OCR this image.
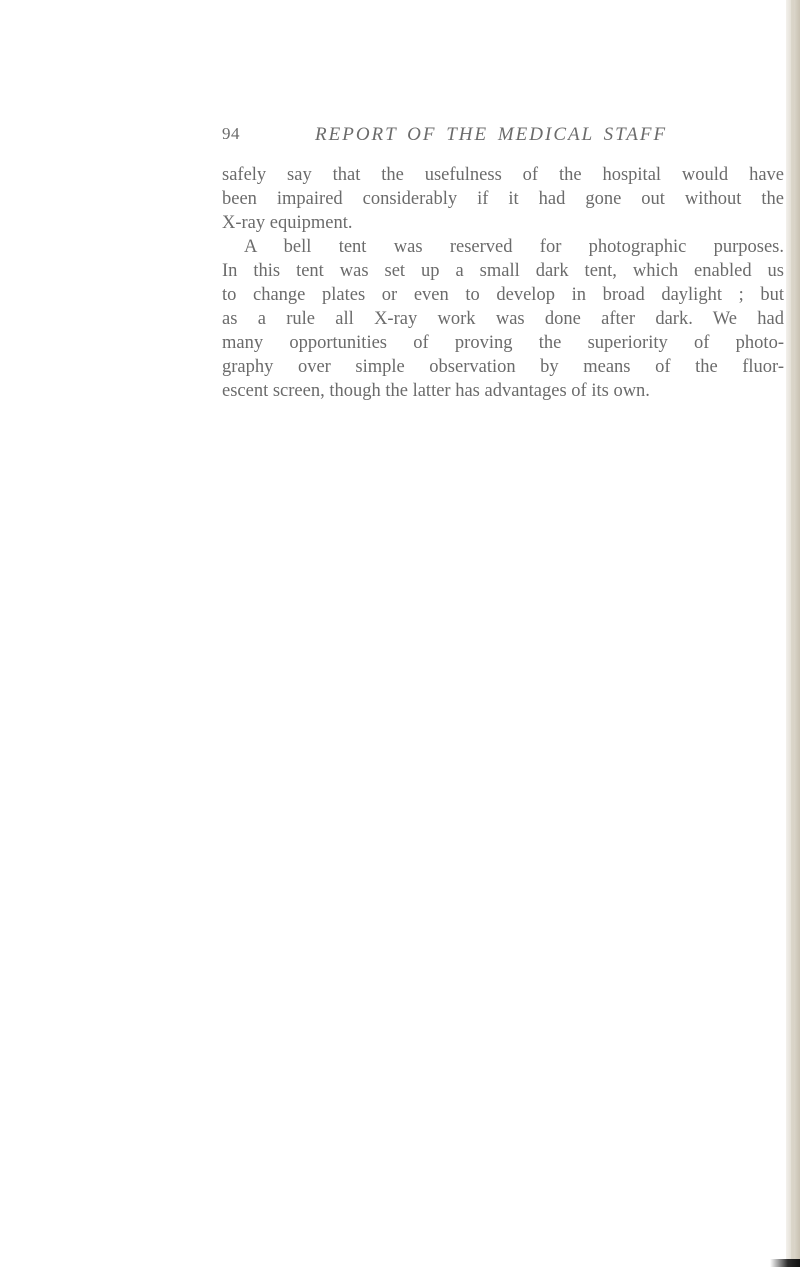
94	REPORT OF THE MEDICAL STAFF
safely say that the usefulness of the hospital would have
been impaired considerably if it had gone out without the
X-ray equipment.
A bell tent was reserved for photographic purposes.
In this tent was set up a small dark tent, which enabled us
to change plates or even to develop in broad daylight ; but
as a rule all X-ray work was done after dark. We had
many opportunities of proving the superiority of photo-
graphy over simple observation by means of the fluor-
escent screen, though the latter has advantages of its own.
